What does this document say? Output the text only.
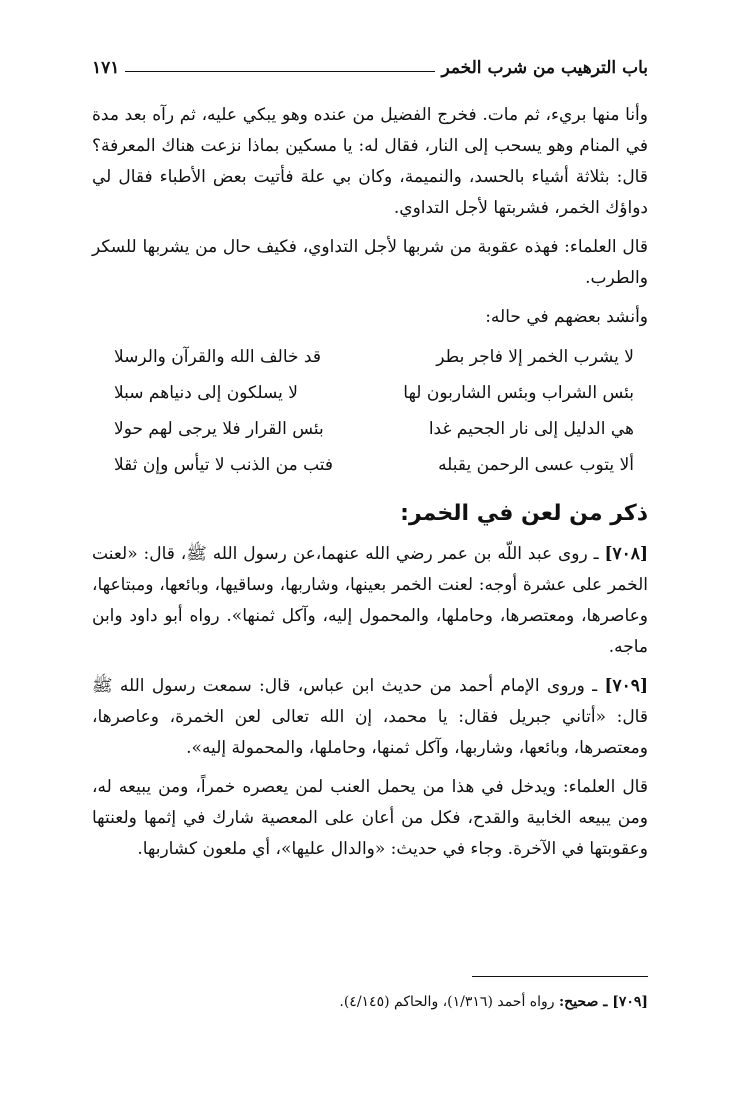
باب الترهيب من شرب الخمر
١٧١

وأنا منها بريء، ثم مات. فخرج الفضيل من عنده وهو يبكي عليه، ثم رآه بعد مدة في المنام وهو يسحب إلى النار، فقال له: يا مسكين بماذا نزعت هناك المعرفة؟ قال: بثلاثة أشياء بالحسد، والنميمة، وكان بي علة فأتيت بعض الأطباء فقال لي دواؤك الخمر، فشربتها لأجل التداوي.

قال العلماء: فهذه عقوبة من شربها لأجل التداوي، فكيف حال من يشربها للسكر والطرب.

وأنشد بعضهم في حاله:

لا يشرب الخمر إلا فاجر بطر
قد خالف الله والقرآن والرسلا
بئس الشراب وبئس الشاربون لها
لا يسلكون إلى دنياهم سبلا
هي الدليل إلى نار الجحيم غدا
بئس القرار فلا يرجى لهم حولا
ألا يتوب عسى الرحمن يقبله
فتب من الذنب لا تيأس وإن ثقلا
ذكر من لعن في الخمر:

[٧٠٨] ـ روى عبد اللّه بن عمر رضي الله عنهما،عن رسول الله ﷺ، قال: «لعنت الخمر على عشرة أوجه: لعنت الخمر بعينها، وشاربها، وساقيها، وبائعها، ومبتاعها، وعاصرها، ومعتصرها، وحاملها، والمحمول إليه، وآكل ثمنها». رواه أبو داود وابن ماجه.

[٧٠٩] ـ وروى الإمام أحمد من حديث ابن عباس، قال: سمعت رسول الله ﷺ قال: «أتاني جبريل فقال: يا محمد، إن الله تعالى لعن الخمرة، وعاصرها، ومعتصرها، وبائعها، وشاربها، وآكل ثمنها، وحاملها، والمحمولة إليه».

قال العلماء: ويدخل في هذا من يحمل العنب لمن يعصره خمراً، ومن يبيعه له، ومن يبيعه الخابية والقدح، فكل من أعان على المعصية شارك في إثمها ولعنتها وعقوبتها في الآخرة. وجاء في حديث: «والدال عليها»، أي ملعون كشاربها.

[٧٠٩] ـ صحيح: رواه أحمد (١/٣١٦)، والحاكم (٤/١٤٥).
